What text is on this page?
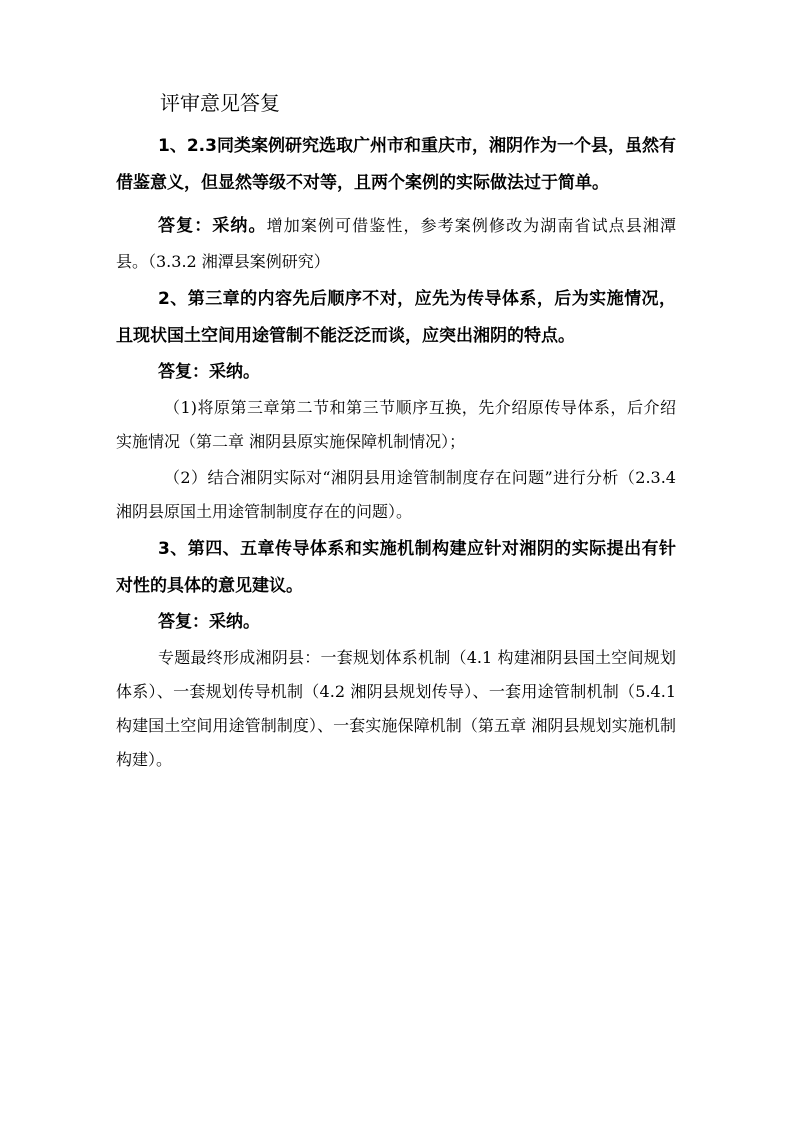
评审意见答复

1、2.3同类案例研究选取广州市和重庆市，湘阴作为一个县，虽然有借鉴意义，但显然等级不对等，且两个案例的实际做法过于简单。

答复：采纳。增加案例可借鉴性，参考案例修改为湖南省试点县湘潭县。（3.3.2 湘潭县案例研究）

2、第三章的内容先后顺序不对，应先为传导体系，后为实施情况，且现状国土空间用途管制不能泛泛而谈，应突出湘阴的特点。

答复：采纳。

（1)将原第三章第二节和第三节顺序互换，先介绍原传导体系，后介绍实施情况（第二章 湘阴县原实施保障机制情况）；

（2）结合湘阴实际对“湘阴县用途管制制度存在问题”进行分析（2.3.4　湘阴县原国土用途管制制度存在的问题）。

3、第四、五章传导体系和实施机制构建应针对湘阴的实际提出有针对性的具体的意见建议。

答复：采纳。

专题最终形成湘阴县：一套规划体系机制（4.1 构建湘阴县国土空间规划体系）、一套规划传导机制（4.2 湘阴县规划传导）、一套用途管制机制（5.4.1 构建国土空间用途管制制度）、一套实施保障机制（第五章 湘阴县规划实施机制构建）。
